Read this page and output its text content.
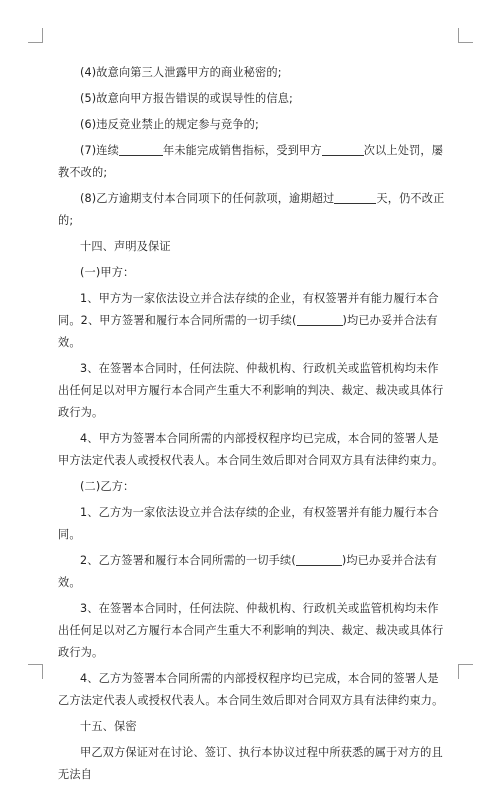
(4)故意向第三人泄露甲方的商业秘密的;

(5)故意向甲方报告错误的或误导性的信息;

(6)违反竞业禁止的规定参与竞争的;

(7)连续	年未能完成销售指标，受到甲方	次以上处罚，屡教不改的;

(8)乙方逾期支付本合同项下的任何款项，逾期超过	天，仍不改正的;

十四、声明及保证

(一)甲方：

1、甲方为一家依法设立并合法存续的企业，有权签署并有能力履行本合同。2、甲方签署和履行本合同所需的一切手续(	)均已办妥并合法有效。

3、在签署本合同时，任何法院、仲裁机构、行政机关或监管机构均未作出任何足以对甲方履行本合同产生重大不利影响的判决、裁定、裁决或具体行政行为。

4、甲方为签署本合同所需的内部授权程序均已完成，本合同的签署人是甲方法定代表人或授权代表人。本合同生效后即对合同双方具有法律约束力。

(二)乙方：

1、乙方为一家依法设立并合法存续的企业，有权签署并有能力履行本合同。

2、乙方签署和履行本合同所需的一切手续(	)均已办妥并合法有效。

3、在签署本合同时，任何法院、仲裁机构、行政机关或监管机构均未作出任何足以对乙方履行本合同产生重大不利影响的判决、裁定、裁决或具体行政行为。

4、乙方为签署本合同所需的内部授权程序均已完成，本合同的签署人是乙方法定代表人或授权代表人。本合同生效后即对合同双方具有法律约束力。

十五、保密

甲乙双方保证对在讨论、签订、执行本协议过程中所获悉的属于对方的且无法自
